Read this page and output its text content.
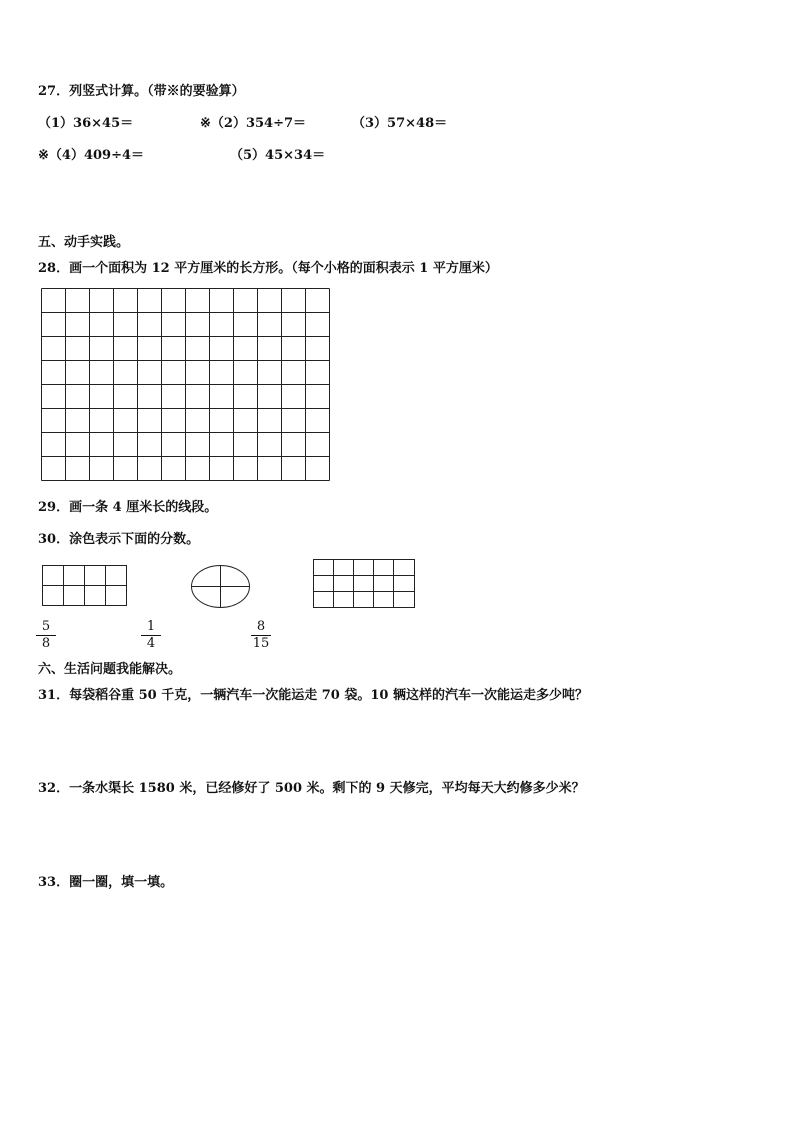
27．列竖式计算。（带※的要验算）
（1）36×45＝	※（2）354÷7＝	（3）57×48＝
※（4）409÷4＝	（5）45×34＝
五、动手实践。
28．画一个面积为 12 平方厘米的长方形。（每个小格的面积表示 1 平方厘米）
29．画一条 4 厘米长的线段。
30．涂色表示下面的分数。
5
8
1
4
8
15
六、生活问题我能解决。
31．每袋稻谷重 50 千克，一辆汽车一次能运走 70 袋。10 辆这样的汽车一次能运走多少吨？
32．一条水渠长 1580 米，已经修好了 500 米。剩下的 9 天修完，平均每天大约修多少米？
33．圈一圈，填一填。
